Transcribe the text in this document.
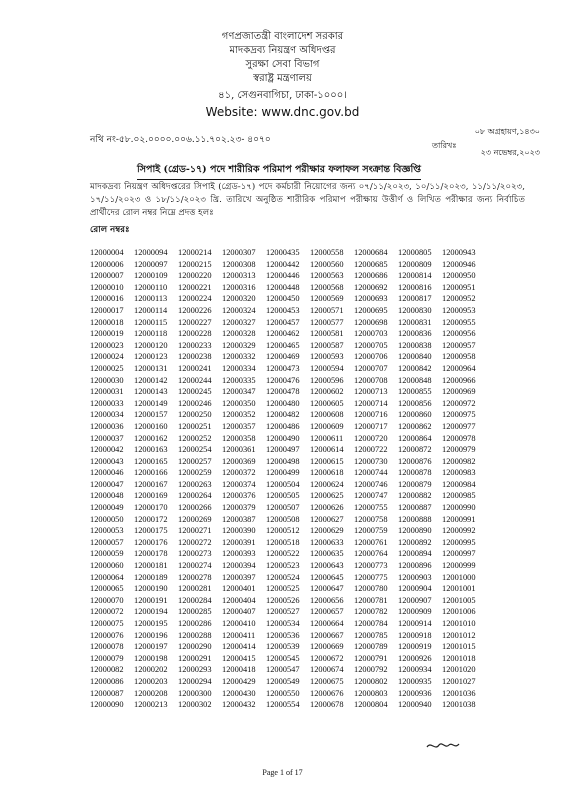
গণপ্রজাতন্ত্রী বাংলাদেশ সরকার
মাদকদ্রব্য নিয়ন্ত্রণ অধিদপ্তর
সুরক্ষা সেবা বিভাগ
স্বরাষ্ট্র মন্ত্রণালয়
৪১, সেগুনবাগিচা, ঢাকা-১০০০।
Website: www.dnc.gov.bd
নথি নং-৫৮.০২.০০০০.০০৬.১১.৭০২.২৩- ৪০৭০
তারিখঃ
০৮ অগ্রহায়ণ,১৪৩০
২৩ নভেম্বর,২০২৩
সিপাই (গ্রেড-১৭) পদে শারীরিক পরিমাপ পরীক্ষার ফলাফল সংক্রান্ত বিজ্ঞপ্তি
মাদকদ্রব্য নিয়ন্ত্রণ অধিদপ্তরের সিপাই (গ্রেড-১৭) পদে কর্মচারী নিয়োগের জন্য ০৭/১১/২০২৩, ১০/১১/২০২৩, ১১/১১/২০২৩, ১৭/১১/২০২৩ ও ১৮/১১/২০২৩ খ্রি. তারিখে অনুষ্ঠিত শারীরিক পরিমাপ পরীক্ষায় উত্তীর্ণ ও লিখিত পরীক্ষার জন্য নির্বাচিত প্রার্থীদের রোল নম্বর নিম্নে প্রদত্ত হলঃ
রোল নম্বরঃ
12000004	12000094	12000214	12000307	12000435	12000558	12000684	12000805	12000943
12000006	12000097	12000215	12000308	12000442	12000560	12000685	12000809	12000946
12000007	12000109	12000220	12000313	12000446	12000563	12000686	12000814	12000950
12000010	12000110	12000221	12000316	12000448	12000568	12000692	12000816	12000951
12000016	12000113	12000224	12000320	12000450	12000569	12000693	12000817	12000952
12000017	12000114	12000226	12000324	12000453	12000571	12000695	12000830	12000953
12000018	12000115	12000227	12000327	12000457	12000577	12000698	12000831	12000955
12000019	12000118	12000228	12000328	12000462	12000581	12000703	12000836	12000956
12000023	12000120	12000233	12000329	12000465	12000587	12000705	12000838	12000957
12000024	12000123	12000238	12000332	12000469	12000593	12000706	12000840	12000958
12000025	12000131	12000241	12000334	12000473	12000594	12000707	12000842	12000964
12000030	12000142	12000244	12000335	12000476	12000596	12000708	12000848	12000966
12000031	12000143	12000245	12000347	12000478	12000602	12000713	12000855	12000969
12000033	12000149	12000246	12000350	12000480	12000605	12000714	12000856	12000972
12000034	12000157	12000250	12000352	12000482	12000608	12000716	12000860	12000975
12000036	12000160	12000251	12000357	12000486	12000609	12000717	12000862	12000977
12000037	12000162	12000252	12000358	12000490	12000611	12000720	12000864	12000978
12000042	12000163	12000254	12000361	12000497	12000614	12000722	12000872	12000979
12000043	12000165	12000257	12000369	12000498	12000615	12000730	12000876	12000982
12000046	12000166	12000259	12000372	12000499	12000618	12000744	12000878	12000983
12000047	12000167	12000263	12000374	12000504	12000624	12000746	12000879	12000984
12000048	12000169	12000264	12000376	12000505	12000625	12000747	12000882	12000985
12000049	12000170	12000266	12000379	12000507	12000626	12000755	12000887	12000990
12000050	12000172	12000269	12000387	12000508	12000627	12000758	12000888	12000991
12000053	12000175	12000271	12000390	12000512	12000629	12000759	12000890	12000992
12000057	12000176	12000272	12000391	12000518	12000633	12000761	12000892	12000995
12000059	12000178	12000273	12000393	12000522	12000635	12000764	12000894	12000997
12000060	12000181	12000274	12000394	12000523	12000643	12000773	12000896	12000999
12000064	12000189	12000278	12000397	12000524	12000645	12000775	12000903	12001000
12000065	12000190	12000281	12000401	12000525	12000647	12000780	12000904	12001001
12000070	12000191	12000284	12000404	12000526	12000656	12000781	12000907	12001005
12000072	12000194	12000285	12000407	12000527	12000657	12000782	12000909	12001006
12000075	12000195	12000286	12000410	12000534	12000664	12000784	12000914	12001010
12000076	12000196	12000288	12000411	12000536	12000667	12000785	12000918	12001012
12000078	12000197	12000290	12000414	12000539	12000669	12000789	12000919	12001015
12000079	12000198	12000291	12000415	12000545	12000672	12000791	12000926	12001018
12000082	12000202	12000293	12000418	12000547	12000674	12000792	12000934	12001020
12000086	12000203	12000294	12000429	12000549	12000675	12000802	12000935	12001027
12000087	12000208	12000300	12000430	12000550	12000676	12000803	12000936	12001036
12000090	12000213	12000302	12000432	12000554	12000678	12000804	12000940	12001038
Page 1 of 17
